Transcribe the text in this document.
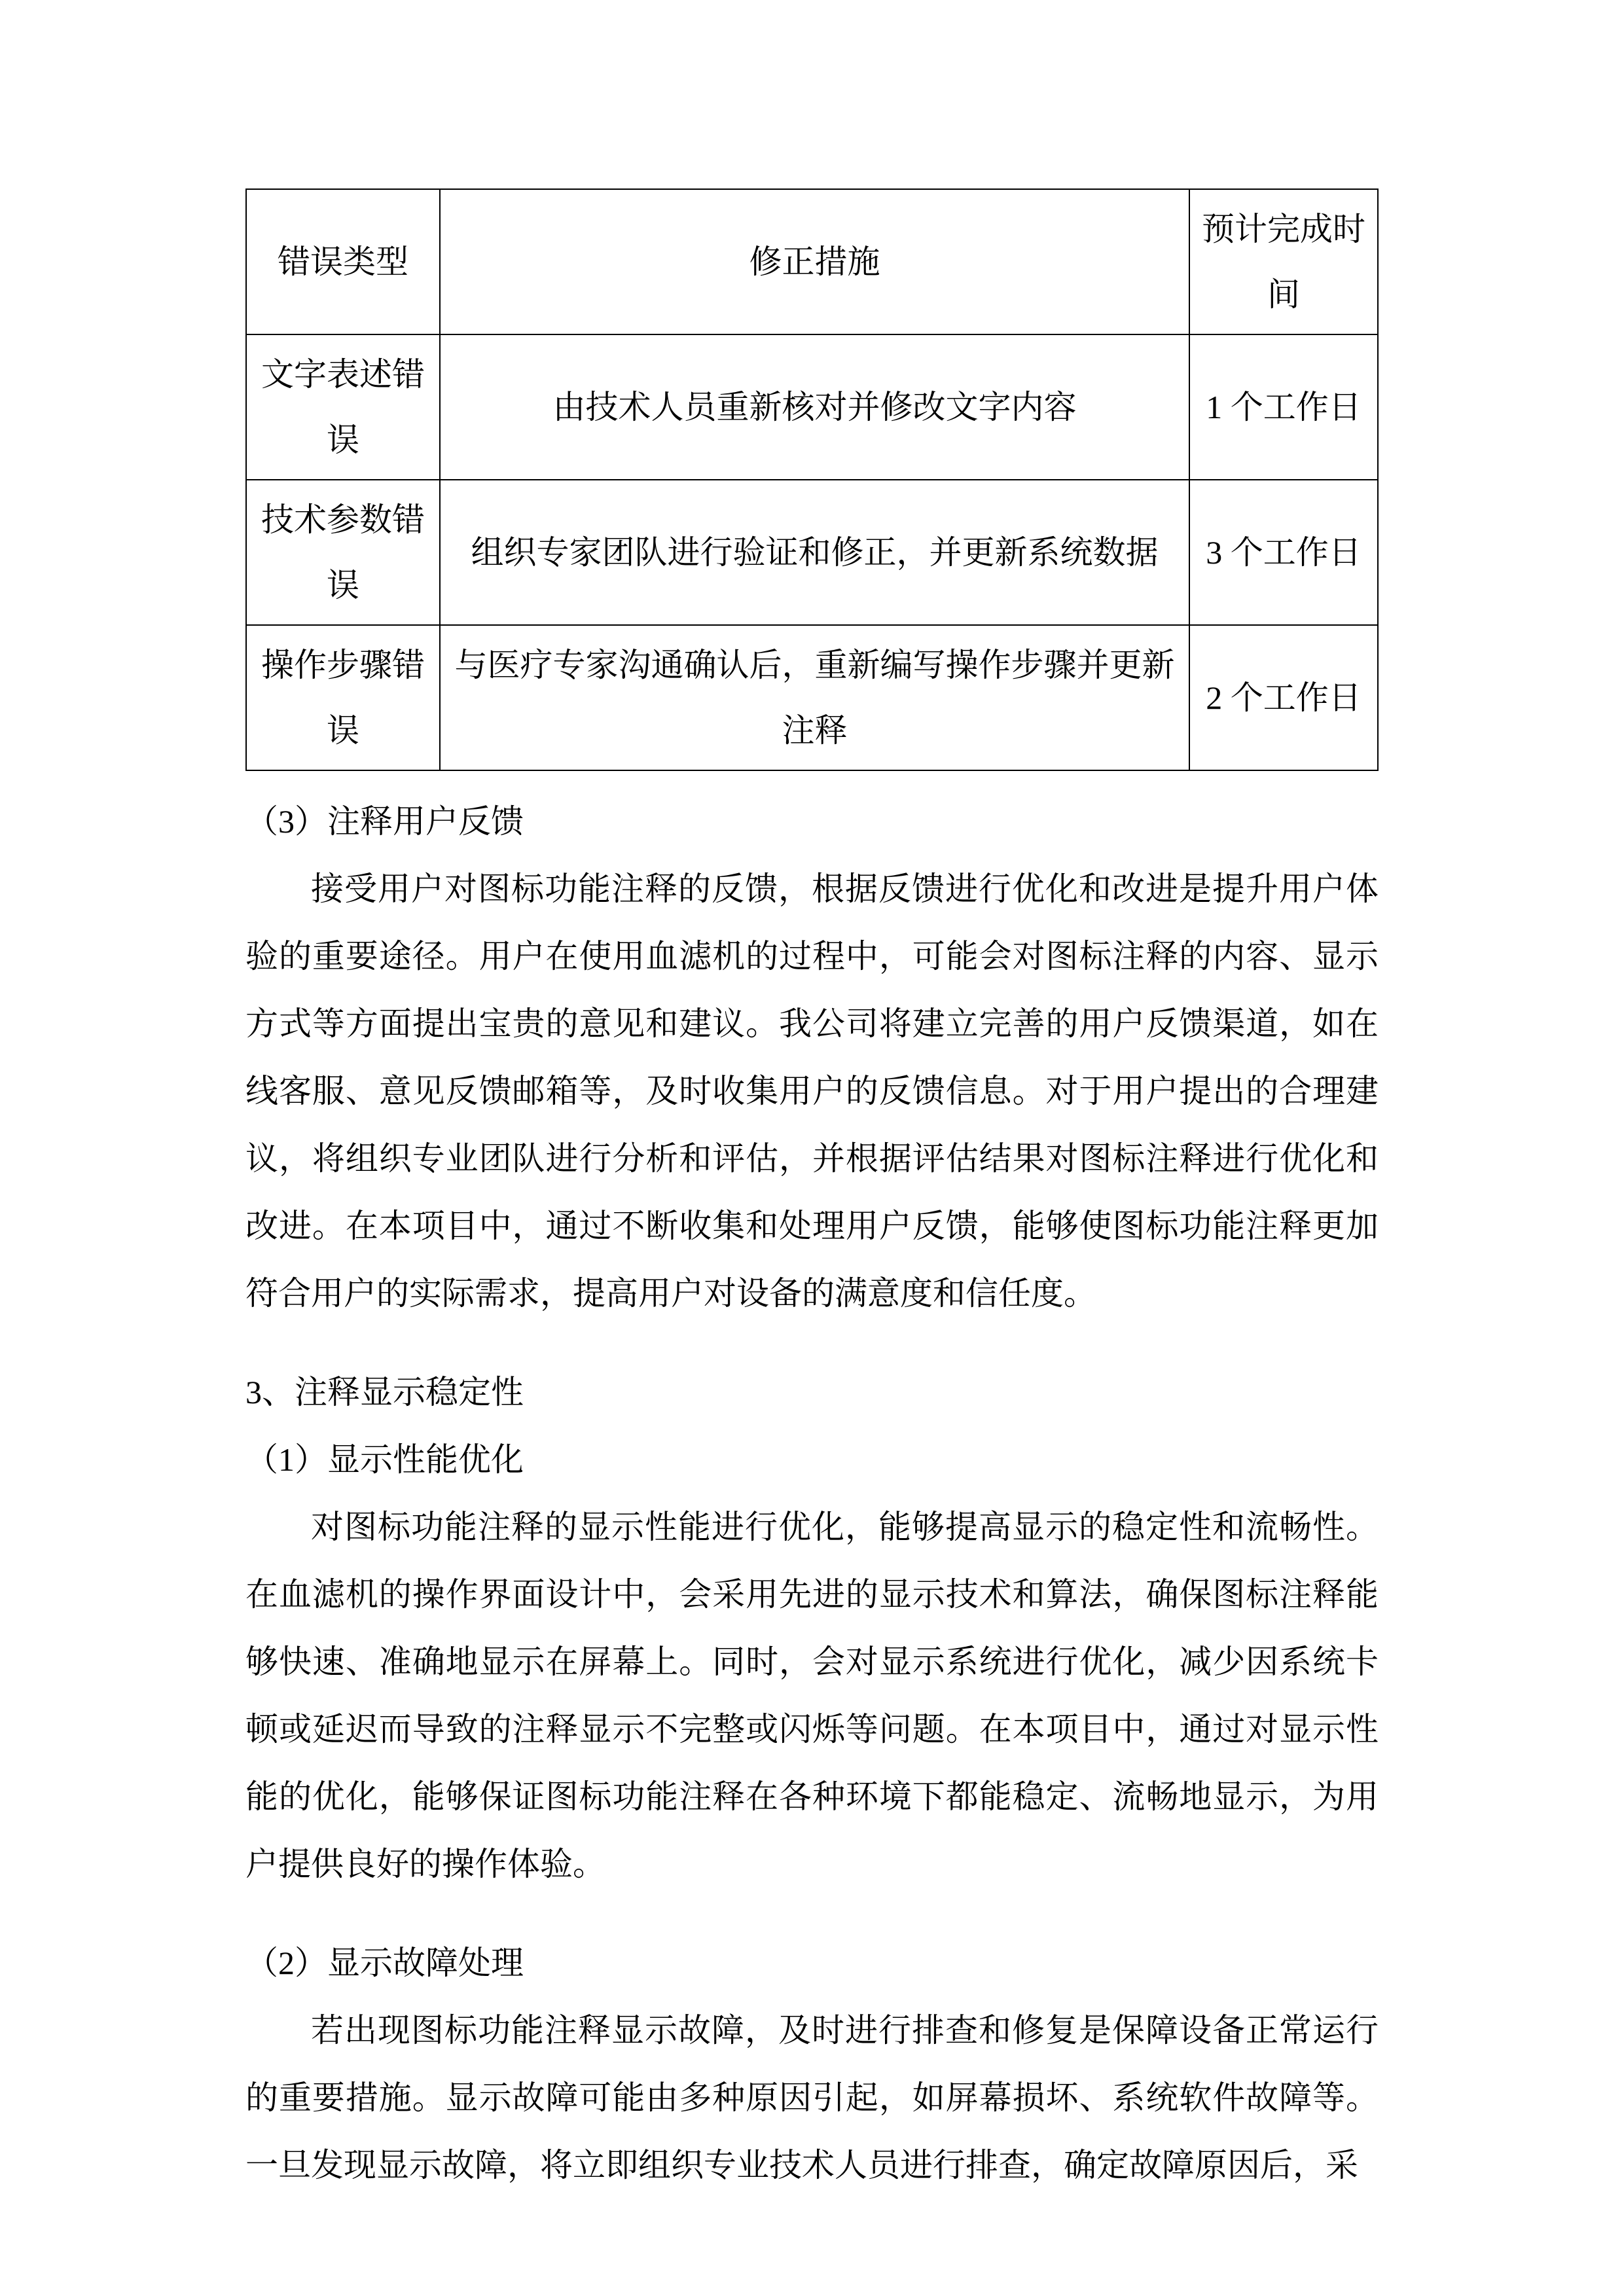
错误类型	修正措施	预计完成时间
文字表述错误	由技术人员重新核对并修改文字内容	1 个工作日
技术参数错误	组织专家团队进行验证和修正，并更新系统数据	3 个工作日
操作步骤错误	与医疗专家沟通确认后，重新编写操作步骤并更新注释	2 个工作日
（3）注释用户反馈

接受用户对图标功能注释的反馈，根据反馈进行优化和改进是提升用户体验的重要途径。用户在使用血滤机的过程中，可能会对图标注释的内容、显示方式等方面提出宝贵的意见和建议。我公司将建立完善的用户反馈渠道，如在线客服、意见反馈邮箱等，及时收集用户的反馈信息。对于用户提出的合理建议，将组织专业团队进行分析和评估，并根据评估结果对图标注释进行优化和改进。在本项目中，通过不断收集和处理用户反馈，能够使图标功能注释更加符合用户的实际需求，提高用户对设备的满意度和信任度。

3、注释显示稳定性
（1）显示性能优化

对图标功能注释的显示性能进行优化，能够提高显示的稳定性和流畅性。在血滤机的操作界面设计中，会采用先进的显示技术和算法，确保图标注释能够快速、准确地显示在屏幕上。同时，会对显示系统进行优化，减少因系统卡顿或延迟而导致的注释显示不完整或闪烁等问题。在本项目中，通过对显示性能的优化，能够保证图标功能注释在各种环境下都能稳定、流畅地显示，为用户提供良好的操作体验。

（2）显示故障处理

若出现图标功能注释显示故障，及时进行排查和修复是保障设备正常运行的重要措施。显示故障可能由多种原因引起，如屏幕损坏、系统软件故障等。一旦发现显示故障，将立即组织专业技术人员进行排查，确定故障原因后，采
